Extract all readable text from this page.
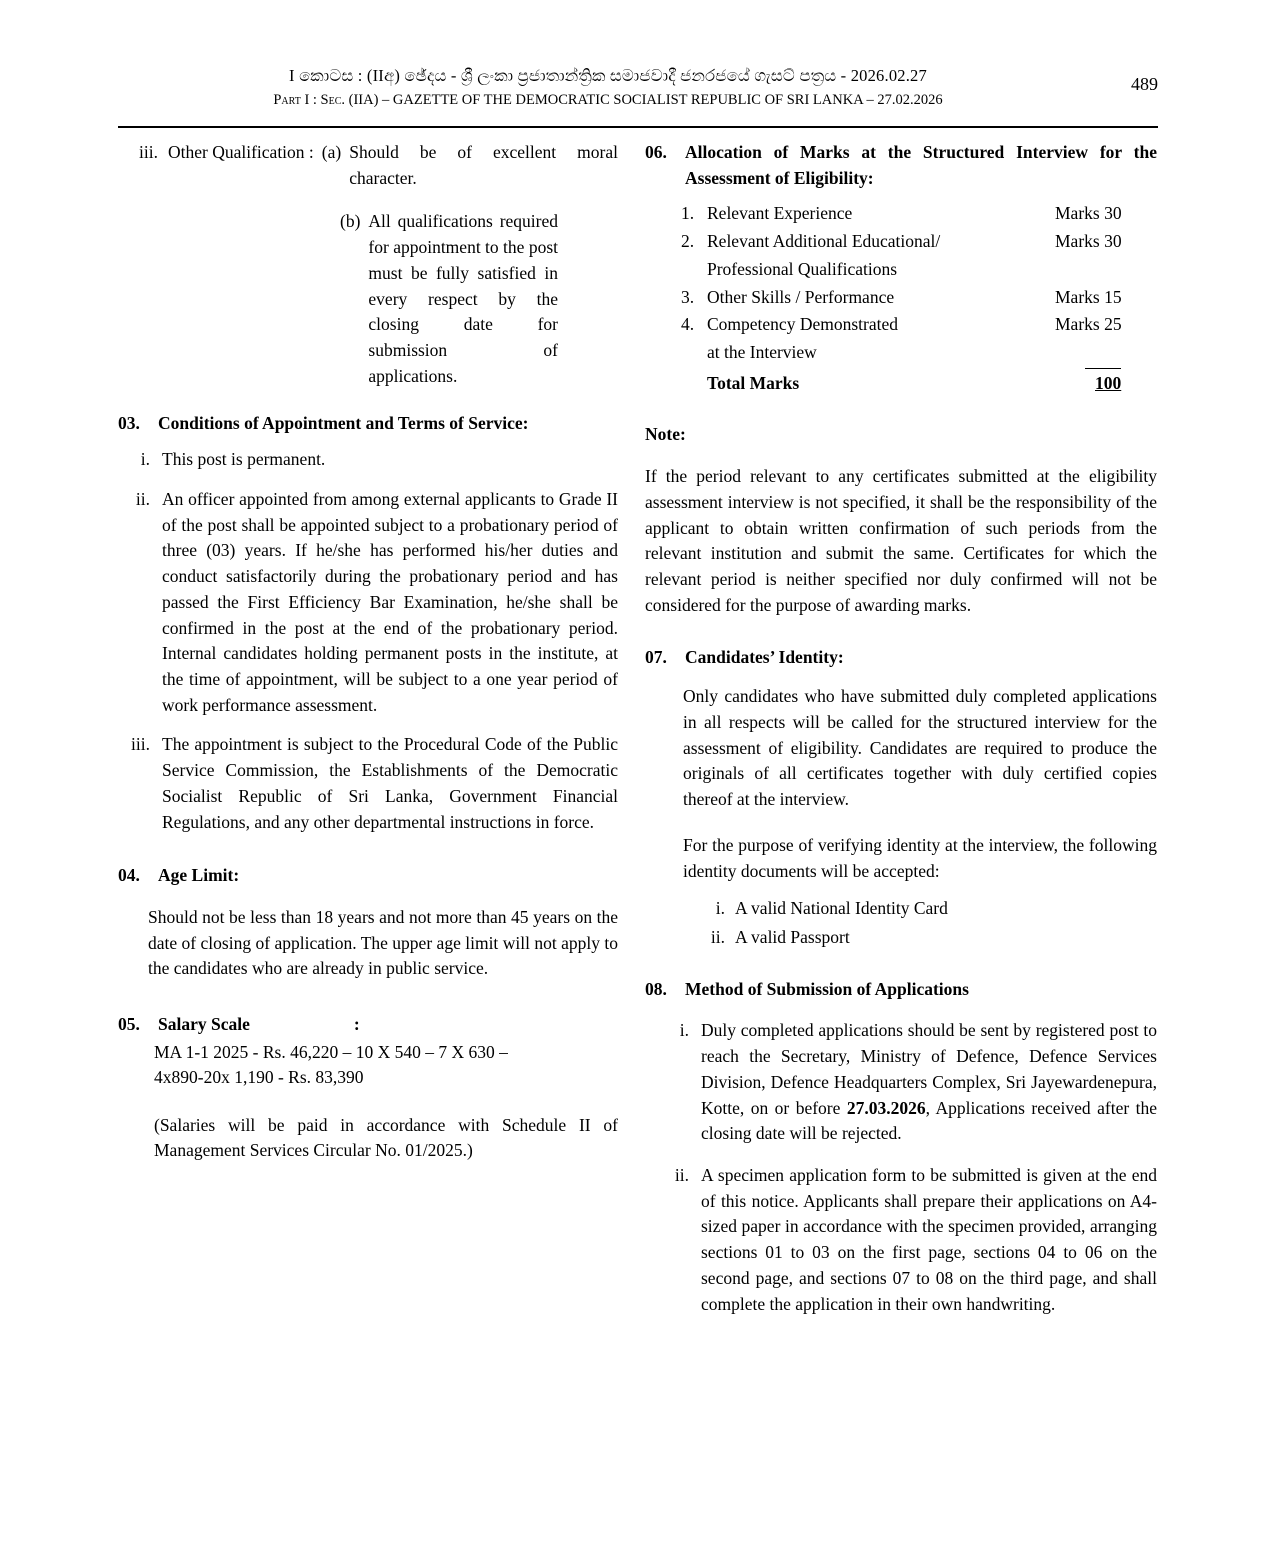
I කොටස : (IIඅ) ඡේදය - ශ්‍රී ලංකා ප්‍රජාතාන්ත්‍රික සමාජවාදී ජනරජයේ ගැසට් පත්‍රය - 2026.02.27
Part I : Sec. (IIA) – GAZETTE OF THE DEMOCRATIC SOCIALIST REPUBLIC OF SRI LANKA – 27.02.2026
489
iii. Other Qualification : (a) Should be of excellent moral character.
(b) All qualifications required for appointment to the post must be fully satisfied in every respect by the closing date for submission of applications.
03.	Conditions of Appointment and Terms of Service:
i. This post is permanent.
ii. An officer appointed from among external applicants to Grade II of the post shall be appointed subject to a probationary period of three (03) years. If he/she has performed his/her duties and conduct satisfactorily during the probationary period and has passed the First Efficiency Bar Examination, he/she shall be confirmed in the post at the end of the probationary period. Internal candidates holding permanent posts in the institute, at the time of appointment, will be subject to a one year period of work performance assessment.
iii. The appointment is subject to the Procedural Code of the Public Service Commission, the Establishments of the Democratic Socialist Republic of Sri Lanka, Government Financial Regulations, and any other departmental instructions in force.
04.	Age Limit:
Should not be less than 18 years and not more than 45 years on the date of closing of application. The upper age limit will not apply to the candidates who are already in public service.
05.	Salary Scale	:
MA 1-1 2025 - Rs. 46,220 – 10 X 540 – 7 X 630 –
4x890-20x 1,190 - Rs. 83,390
(Salaries will be paid in accordance with Schedule II of Management Services Circular No. 01/2025.)
06.	Allocation of Marks at the Structured Interview for the Assessment of Eligibility:
1. Relevant Experience	Marks 30
2. Relevant Additional Educational/	Marks 30
Professional Qualifications
3. Other Skills / Performance	Marks 15
4. Competency Demonstrated	Marks 25
at the Interview
Total Marks	100
Note:
If the period relevant to any certificates submitted at the eligibility assessment interview is not specified, it shall be the responsibility of the applicant to obtain written confirmation of such periods from the relevant institution and submit the same. Certificates for which the relevant period is neither specified nor duly confirmed will not be considered for the purpose of awarding marks.
07.	Candidates’ Identity:
Only candidates who have submitted duly completed applications in all respects will be called for the structured interview for the assessment of eligibility. Candidates are required to produce the originals of all certificates together with duly certified copies thereof at the interview.
For the purpose of verifying identity at the interview, the following identity documents will be accepted:
i. A valid National Identity Card
ii. A valid Passport
08.	Method of Submission of Applications
i. Duly completed applications should be sent by registered post to reach the Secretary, Ministry of Defence, Defence Services Division, Defence Headquarters Complex, Sri Jayewardenepura, Kotte, on or before 27.03.2026, Applications received after the closing date will be rejected.
ii. A specimen application form to be submitted is given at the end of this notice. Applicants shall prepare their applications on A4-sized paper in accordance with the specimen provided, arranging sections 01 to 03 on the first page, sections 04 to 06 on the second page, and sections 07 to 08 on the third page, and shall complete the application in their own handwriting.
